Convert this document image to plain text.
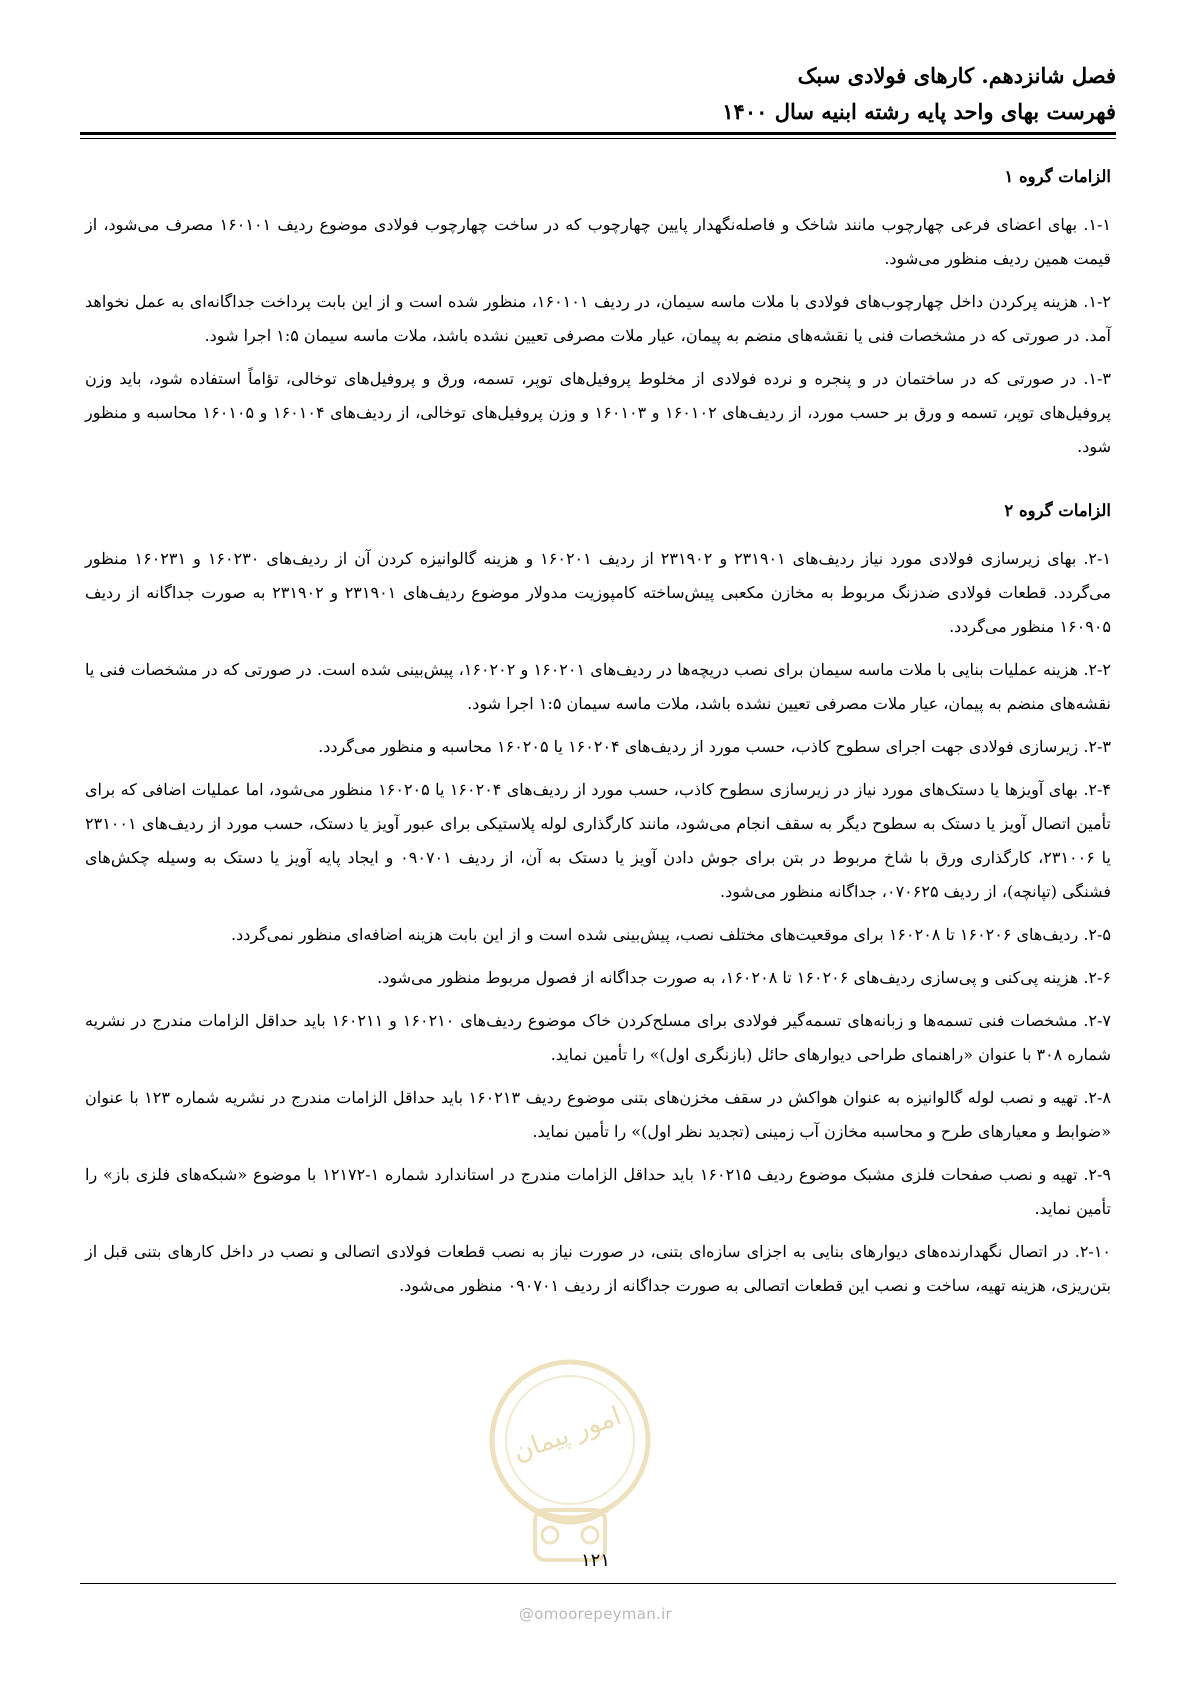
فصل شانزدهم. کارهای فولادی سبک
فهرست بهای واحد پایه رشته ابنیه سال ۱۴۰۰
الزامات گروه ۱

۱-۱. بهای اعضای فرعی چهارچوب مانند شاخک و فاصله‌نگهدار پایین چهارچوب که در ساخت چهارچوب فولادی موضوع ردیف ۱۶۰۱۰۱ مصرف می‌شود، از قیمت همین ردیف منظور می‌شود.

۱-۲. هزینه پرکردن داخل چهارچوب‌های فولادی با ملات ماسه سیمان، در ردیف ۱۶۰۱۰۱، منظور شده است و از این بابت پرداخت جداگانه‌ای به عمل نخواهد آمد. در صورتی که در مشخصات فنی یا نقشه‌های منضم به پیمان، عیار ملات مصرفی تعیین نشده باشد، ملات ماسه سیمان ۱:۵ اجرا شود.

۱-۳. در صورتی که در ساختمان در و پنجره و نرده فولادی از مخلوط پروفیل‌های توپر، تسمه، ورق و پروفیل‌های توخالی، تؤاماً استفاده شود، باید وزن پروفیل‌های توپر، تسمه و ورق بر حسب مورد، از ردیف‌های ۱۶۰۱۰۲ و ۱۶۰۱۰۳ و وزن پروفیل‌های توخالی، از ردیف‌های ۱۶۰۱۰۴ و ۱۶۰۱۰۵ محاسبه و منظور شود.

الزامات گروه ۲

۲-۱. بهای زیرسازی فولادی مورد نیاز ردیف‌های ۲۳۱۹۰۱ و ۲۳۱۹۰۲ از ردیف ۱۶۰۲۰۱ و هزینه گالوانیزه کردن آن از ردیف‌های ۱۶۰۲۳۰ و ۱۶۰۲۳۱ منظور می‌گردد. قطعات فولادی ضدزنگ مربوط به مخازن مکعبی پیش‌ساخته کامپوزیت مدولار موضوع ردیف‌های ۲۳۱۹۰۱ و ۲۳۱۹۰۲ به صورت جداگانه از ردیف ۱۶۰۹۰۵ منظور می‌گردد.

۲-۲. هزینه عملیات بنایی با ملات ماسه سیمان برای نصب دریچه‌ها در ردیف‌های ۱۶۰۲۰۱ و ۱۶۰۲۰۲، پیش‌بینی شده است. در صورتی که در مشخصات فنی یا نقشه‌های منضم به پیمان، عیار ملات مصرفی تعیین نشده باشد، ملات ماسه سیمان ۱:۵ اجرا شود.

۲-۳. زیرسازی فولادی جهت اجرای سطوح کاذب، حسب مورد از ردیف‌های ۱۶۰۲۰۴ یا ۱۶۰۲۰۵ محاسبه و منظور می‌گردد.

۲-۴. بهای آویزها یا دستک‌های مورد نیاز در زیرسازی سطوح کاذب، حسب مورد از ردیف‌های ۱۶۰۲۰۴ یا ۱۶۰۲۰۵ منظور می‌شود، اما عملیات اضافی که برای تأمین اتصال آویز یا دستک به سطوح دیگر به سقف انجام می‌شود، مانند کارگذاری لوله پلاستیکی برای عبور آویز یا دستک، حسب مورد از ردیف‌های ۲۳۱۰۰۱ یا ۲۳۱۰۰۶، کارگذاری ورق با شاخ مربوط در بتن برای جوش دادن آویز یا دستک به آن، از ردیف ۰۹۰۷۰۱ و ایجاد پایه آویز یا دستک به وسیله چکش‌های فشنگی (تپانچه)، از ردیف ۰۷۰۶۲۵، جداگانه منظور می‌شود.

۲-۵. ردیف‌های ۱۶۰۲۰۶ تا ۱۶۰۲۰۸ برای موقعیت‌های مختلف نصب، پیش‌بینی شده است و از این بابت هزینه اضافه‌ای منظور نمی‌گردد.

۲-۶. هزینه پی‌کنی و پی‌سازی ردیف‌های ۱۶۰۲۰۶ تا ۱۶۰۲۰۸، به صورت جداگانه از فصول مربوط منظور می‌شود.

۲-۷. مشخصات فنی تسمه‌ها و زبانه‌های تسمه‌گیر فولادی برای مسلح‌کردن خاک موضوع ردیف‌های ۱۶۰۲۱۰ و ۱۶۰۲۱۱ باید حداقل الزامات مندرج در نشریه شماره ۳۰۸ با عنوان «راهنمای طراحی دیوارهای حائل (بازنگری اول)» را تأمین نماید.

۲-۸. تهیه و نصب لوله گالوانیزه به عنوان هواکش در سقف مخزن‌های بتنی موضوع ردیف ۱۶۰۲۱۳ باید حداقل الزامات مندرج در نشریه شماره ۱۲۳ با عنوان «ضوابط و معیارهای طرح و محاسبه مخازن آب زمینی (تجدید نظر اول)» را تأمین نماید.

۲-۹. تهیه و نصب صفحات فلزی مشبک موضوع ردیف ۱۶۰۲۱۵ باید حداقل الزامات مندرج در استاندارد شماره ۱-۱۲۱۷۲ با موضوع «شبکه‌های فلزی باز» را تأمین نماید.

۲-۱۰. در اتصال نگهدارنده‌های دیوارهای بنایی به اجزای سازه‌ای بتنی، در صورت نیاز به نصب قطعات فولادی اتصالی و نصب در داخل کارهای بتنی قبل از بتن‌ریزی، هزینه تهیه، ساخت و نصب این قطعات اتصالی به صورت جداگانه از ردیف ۰۹۰۷۰۱ منظور می‌شود.

امور پیمان
۱۲۱
@omoorepeyman.ir
